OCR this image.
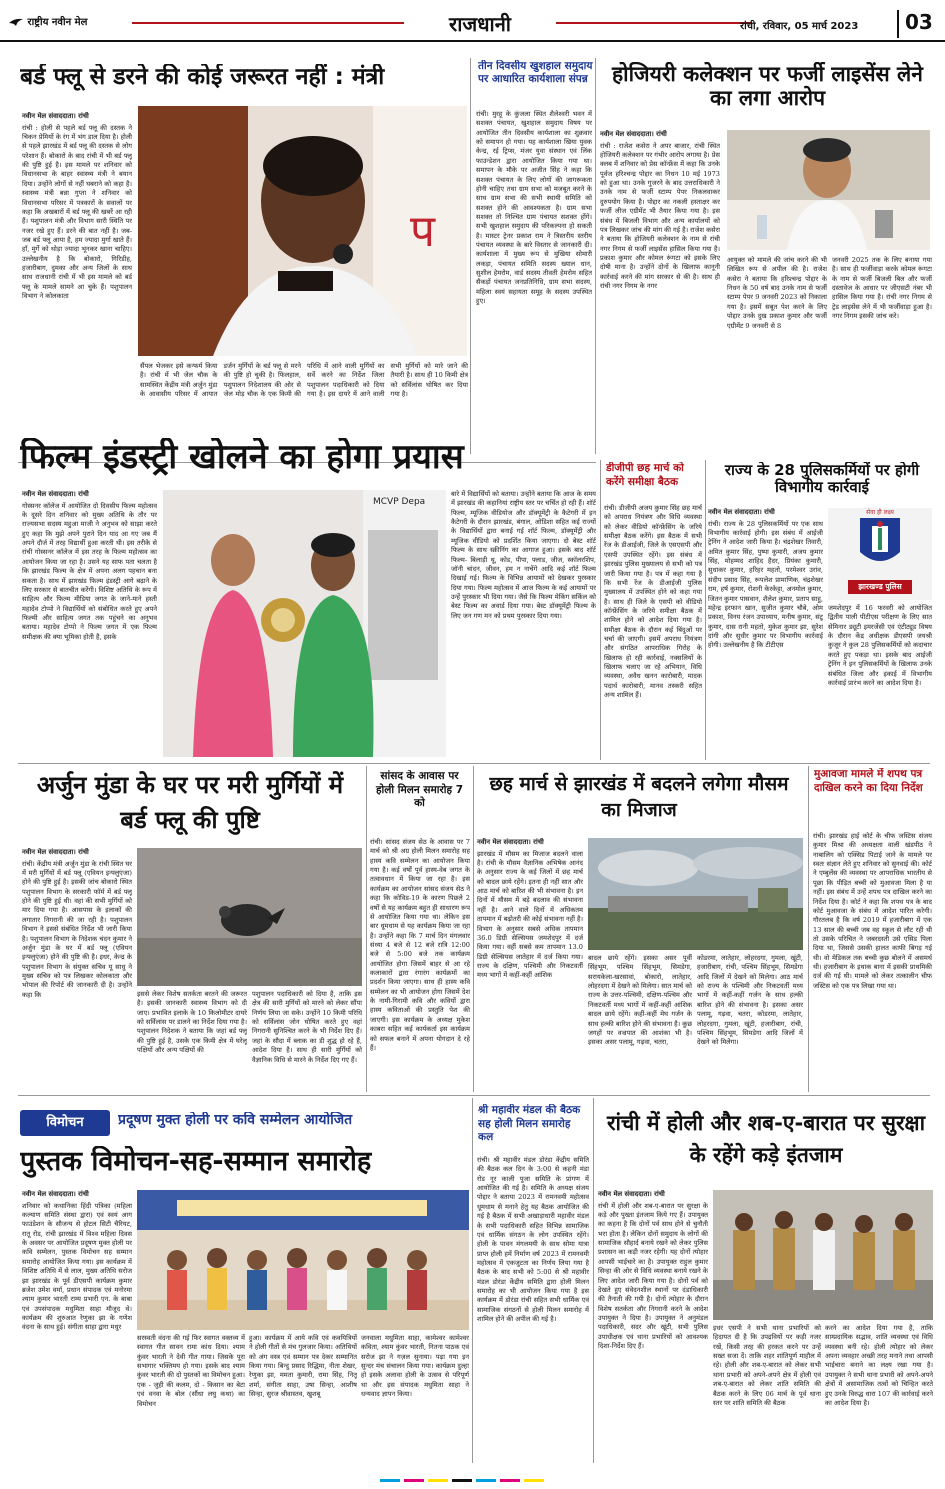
राष्ट्रीय नवीन मेल	राजधानी	रांची, रविवार, 05 मार्च 2023	03
बर्ड फ्लू से डरने की कोई जरूरत नहीं : मंत्री
नवीन मेल संवाददाता। रांची
रांची : होली से पहले बर्ड फ्लू की दस्तक ने चिकन प्रेमियों के रंग में भंग डाल दिया है। होली से पहले झारखंड में बर्ड फ्लू की दस्तक से लोग परेशान हैं। बोकारो के बाद रांची में भी बर्ड फ्लू की पुष्टि हुई है। इस मामले पर शनिवार को विधानसभा के बाहर स्वास्थ्य मंत्री ने बयान दिया। उन्होंने लोगों से नहीं घबराने को कहा है। स्वास्थ्य मंत्री बन्ना गुप्ता ने शनिवार को विधानसभा परिसर में पत्रकारों के सवालों पर कहा कि अखबारों में बर्ड फ्लू की खबरें आ रही हैं। पशुपालन मंत्री और विभाग सारी स्थिति पर नजर रखे हुए हैं। डरने की बात नहीं है। जब-जब बर्ड फ्लू आया है, हम ज्यादा मुर्गा खाते हैं। हाँ, मुर्गे को थोड़ा ज्यादा भूनकर खाना चाहिए। उल्लेखनीय है कि बोकारो, गिरिडीह, हजारीबाग, दुमका और अन्य जिलों के साथ साथ राजधानी रांची में भी इस मामले को बर्ड फ्लू के मामले सामने आ चुके हैं। पशुपालन विभाग ने कोलकाता
प
सैंपल भेजकर इसे कन्फर्म किया है। रांची में भी जेल चौक के सामस्थित केंद्रीय मंत्री अर्जुन मुंडा के आवासीय परिसर में आयात डर्जन मुर्गियों के बर्ड फ्लू से मरने की पुष्टि हो चुकी है। फिलहाल, पशुपालन निदेशालय की ओर से जेल मोड़ चौक के एक किमी की परिधि में आने वाली मुर्गियों का सर्वे करने का निर्देश जिला पशुपालन पदाधिकारी को दिया गया है। इस दायरे में आने वाली सभी मुर्गियों को मारे जाने की तैयारी है। साथ ही 10 किमी क्षेत्र को सर्विलांस घोषित कर दिया गया है।
तीन दिवसीय खुशहाल समुदाय पर आधारित कार्यशाला संपन्न
रांची। मुरहू के कुंजला स्थित शैलेश्वरी भवन में सशक्त पंचायत, खुशहाल समुदाय विषय पर आयोजित तीन दिवसीय कार्यशाला का शुक्रवार को समापन हो गया। यह कार्यशाला खिया युवक केन्द्र, रई ट्रिप्स, मंजर युवा संस्थान एवं लिंक फाउन्डेशन द्वारा आयोजित किया गया था। समापन के मौके पर अजीत सिंह ने कहा कि सशक्त पंचायत के लिए लोगों की जागरूकता होनी चाहिए तथा ग्राम सभा को मजबूत करने के साथ ग्राम सभा की सभी स्थायी समिति को सशक्त होने की आवश्यकता है। ग्राम सभा सशक्त तो निश्चित ग्राम पंचायत सशक्त होंगे। सभी खुशहाल समुदाय की परिकल्पना हो सकती है। मास्टर ट्रेनर प्रकाश राम ने त्रिस्तरीय स्तरीय पंचायत व्यवस्था के बारे विस्तार से जानकारी दी। कार्यशाला में मुख्य रूप से मुखिया सोमारी लकड़ा, पंचायत समिति सदस्य ख्याल धान, सुशील हेमरोम, वार्ड सदस्य तीवती हेमरोम सहित सैकड़ों पंचायत जनप्रतिनिधि, ग्राम सभा सदस्य, महिला स्वयं सहायता समूह के सदस्य उपस्थित हुए।
होजियरी कलेक्शन पर फर्जी लाइसेंस लेने का लगा आरोप
नवीन मेल संवाददाता। रांची
रांची : राजेश कसेरा ने अपर बाजार, रांची स्थित होजियरी कलेक्शन पर गंभीर आरोप लगाया है। प्रेस क्लब में शनिवार को प्रेस कॉन्फ्रेंस में कहा कि उनके पूर्वज हरिश्चन्द्र पोद्दार का निधन 10 मई 1973 को हुआ था। उनके गुजरने के बाद उत्तराधिकारी ने उनके नाम से फर्जी स्टाम्प पेपर निकलवाकर दुरुपयोग किया है। पोद्दार का नकली हस्ताक्षर कर फर्जी लीज एग्रीमेंट भी तैयार किया गया है। इस संबंध में बिजली विभाग और अन्य कार्यालयों को पत्र लिखकर जांच की मांग की गई है। राजेश कसेरा ने बताया कि होजियरी कलेक्शन के नाम से रांची नगर निगम से फर्जी लाइसेंस हासिल किया गया है। प्रकाश कुमार और कोमल रूंगटा को इसके लिए दोषी माना है। उन्होंने दोनों के खिलाफ कानूनी कार्रवाई करने की मांग सरकार से की है। साथ ही रांची नगर निगम के नगर
आयुक्त को मामले की जांच करने की भी लिखित रूप से अपील की है। राजेश कसेरा ने बताया कि हरिश्चन्द्र पोद्दार के निधन के 50 वर्ष बाद उनके नाम से फर्जी स्टाम्प पेपर 9 जनवरी 2023 को निकाला गया है। इसमें सबूत पेश करने के लिए पोद्दार उनके दुख प्रकाश कुमार और फर्जी एग्रीमेंट 9 जनवरी से 8
जनवरी 2025 तक के लिए बनाया गया है। साथ ही फर्जीवाड़ा करके कोमल रूंगटा के नाम से फर्जी बिजली बिल और फर्जी दस्तावेज के आधार पर जीएसटी नंबर भी हासिल किया गया है। रांची नगर निगम से ट्रेड लाइसेंस लेने में भी फर्जीवाड़ा हुआ है। नगर निगम इसकी जांच करे।
फिल्म इंडस्ट्री खोलने का होगा प्रयास
नवीन मेल संवाददाता। रांची
गोस्सनर कॉलेज में आयोजित दो दिवसीय फिल्म महोत्सव के दूसरे दिन शनिवार को मुख्य अतिथि के तौर पर राज्यसभा सदस्य महुआ माजी ने अनुभव को साझा करते हुए कहा कि मुझे अपने पुराने दिन याद आ गए जब मैं अपने दौर्ज में तरह विद्यार्थी हुआ करती थी। इस तरीके से रांची गोस्सनर कॉलेज में इस तरह के फिल्म महोत्सव का आयोजन किया जा रहा है। उसने यह साफ पता चलता है कि झारखंड फिल्म के क्षेत्र में अपना अलग पहचान बना सकता है। साथ में झारखंड फिल्म इंडस्ट्री आगे बढ़ाने के लिए सरकार से बातचीत करेंगी। विशिष्ट अतिथि के रूप में साहित्य और फिल्म मीडिया जगत के जाने-माने हस्ती महादेव टोप्पो ने विद्यार्थियों को संबोधित करते हुए अपने फिल्मी और साहित्य जगत तक पहुंचने का अनुभव बताया। महादेव टोप्पो ने फिल्म जगत में एक फिल्म समीक्षक की क्या भूमिका होती है, इसके
MCVP Depa
बारे में विद्यार्थियों को बताया। उन्होंने बताया कि आज के समय में झारखंड की कहानियां राष्ट्रीय स्तर पर चर्चित हो रही हैं। शॉर्ट फिल्म, म्यूजिक वीडियोज और डॉक्यूमेंट्री के कैटेगरी में इन कैटेगरी के दौरान झारखंड, बंगाल, ओडिशा सहित कई राज्यों के विद्यार्थियों द्वारा बनाई गई शॉर्ट फिल्म, डॉक्यूमेंट्री और म्यूजिक वीडियो को प्रदर्शित किया जाएगा। दो बेस्ट शॉर्ट फिल्म के साथ स्क्रीनिंग का आगाज हुआ। इसके बाद शॉर्ट फिल्म- बिलाड़ी थू, कोड, पीपा, फ्लाड, जीज, स्कॉलरशिप, जॉनी चांदन, जीवन, हम न नाचेंगे आदि कई शॉर्ट फिल्म दिखाई गई। फिल्म के विभिन्न आयामों को देखकर पुरस्कार दिया गया। फिल्म महोत्सव में आज फिल्म के कई आयामों पर उन्हें पुरस्कार भी दिया गया। जैसे कि फिल्म मेकिंग सर्किल को बेस्ट फिल्म का अवार्ड दिया गया। बेस्ट डॉक्यूमेंट्री फिल्म के लिए जन गण मन को प्रथम पुरस्कार दिया गया।
डीजीपी छह मार्च को करेंगे समीक्षा बैठक
रांची। डीजीपी अजय कुमार सिंह छह मार्च को अपराध नियंत्रण और विधि व्यवस्था को लेकर वीडियो कॉन्फ्रेंसिंग के जरिये समीक्षा बैठक करेंगे। इस बैठक में सभी रेंज के डीआईजी, जिले के एसएसपी और एसपी उपस्थित रहेंगे। इस संबंध में झारखंड पुलिस मुख्यालय से सभी को पत्र जारी किया गया है। पत्र में कहा गया है कि सभी रेंज के डीआईजी पुलिस मुख्यालय में उपस्थित होने को कहा गया है। साथ ही जिले के एसपी को वीडियो कॉन्फ्रेंसिंग के जरिये समीक्षा बैठक में शामिल होने को आदेश दिया गया है। समीक्षा बैठक के दौरान कई बिंदुओं पर चर्चा की जाएगी। इसमें अपराध नियंत्रण और संगठित आपराधिक गिरोह के खिलाफ हो रही कार्रवाई, नक्सलियों के खिलाफ चलाए जा रहे अभियान, विधि व्यवस्था, अवैध खनन कारोबारी, मादक पदार्थ कारोबारी, मानव तस्करी सहित अन्य शामिल हैं।
राज्य के 28 पुलिसकर्मियों पर होगी विभागीय कार्रवाई
नवीन मेल संवाददाता। रांची
रांची। राज्य के 28 पुलिसकर्मियों पर एक साथ विभागीय कार्रवाई होगी। इस संबंध में आईजी ट्रेनिंग ने आदेश जारी किया है। चंद्रशेखर तिवारी, अमित कुमार सिंह, पुष्पा कुमारी, अजय कुमार सिंह, मोहम्मद शाहिद हैदर, प्रियंका कुमारी, सुधाकर कुमार, हरिहर महतो, परमेश्वर उरांव, संदीप प्रसाद सिंह, रूपलेश प्रामाणिक, चंद्रशेखर राम, हर्ष कुमार, रोशनी केरकेट्टा, अनमोल कुमार, जितन कुमार पासवान, शैलेश कुमार, प्रताप साहु, महेन्द्र इरफान खान, सुजीत कुमार चौबे, ओम प्रकाश, विनय रंजन उपाध्याय, मनीष कुमार, संटू कुमार, दास रानी महतो, मुकेश कुमार झा, सुरेश दांगी और सुधीर कुमार पर विभागीय कार्रवाई होगी। उल्लेखनीय है कि टीटीएस
सेवा ही लक्ष्य
झारखण्ड पुलिस
जमशेदपुर में 16 फरवरी को आयोजित द्वितीय पाली पीटीएस परीक्षण के लिए सात सेमिनार ड्यूटी इमरजेंसी एवं एंटीट्यूड विषय के दौरान केंद्र अधीक्षक डीएसपी जयश्री कुजूर ने कुल 28 पुलिसकर्मियों को कदाचार करते हुए पकड़ा था। इसके बाद आईजी ट्रेनिंग ने इन पुलिसकर्मियों के खिलाफ उनके संबंधित जिला और इकाई में विभागीय कार्रवाई प्रारंभ करने का आदेश दिया है।
अर्जुन मुंडा के घर पर मरी मुर्गियों में बर्ड फ्लू की पुष्टि
नवीन मेल संवाददाता। रांची
रांची। केंद्रीय मंत्री अर्जुन मुंडा के रांची स्थित घर में मरी मुर्गियों में बर्ड फ्लू (एवियन इन्फ्लुएंजा) होने की पुष्टि हुई है। इसकी जांच बोकारो स्थित पशुपालन विभाग के सरकारी फॉर्म में बर्ड फ्लू होने की पुष्टि हुई थी। वहां की सभी मुर्गियों को मार दिया गया है। आसपास के इलाकों की लगातार निगरानी की जा रही है। पशुपालन विभाग ने इससे संबंधित निर्देश भी जारी किया है। पशुपालन विभाग के निदेशक चंदन कुमार ने अर्जुन मुंडा के घर में बर्ड फ्लू (एवियन इन्फ्लुएंजा) होने की पुष्टि की है। इधर, केन्द्र के पशुपालन विभाग के संयुक्त सचिव यू साधु ने मुख्य सचिव को पत्र लिखकर कोलकाता और भोपाल की रिपोर्ट की जानकारी दी है। उन्होंने कहा कि	इससे लेकर विशेष सतर्कता बरतने की जरूरत है। इसकी जानकारी स्वास्थ्य विभाग को दी जाए। प्रभावित इलाके के 10 किलोमीटर दायरे को सर्विलांस पर डालने का निर्देश दिया गया है। पशुपालन निदेशक ने बताया कि जहां बर्ड फ्लू की पुष्टि हुई है, उसके एक किमी क्षेत्र में घरेलू पक्षियों और अन्य पक्षियों की
पशुपालन पदाधिकारी को दिया है, ताकि इस क्षेत्र की सारी मुर्गियों को मारने को लेकर सौंपा निर्णय लिया जा सके। उन्होंने 10 किमी परिधि को सर्विलांस जोन घोषित करते हुए वहां निगरानी सुनिश्चित करने के भी निर्देश दिए हैं। जहां के सौदा में ब्लाक का डी शुद्ध हो रहे हैं, आदेश दिया है। साथ ही सारी मुर्गियों को वैज्ञानिक विधि से मारने के निर्देश दिए गए हैं।
सांसद के आवास पर होली मिलन समारोह 7 को
रांची। सांसद संजय सेठ के आवास पर 7 मार्च को श्री अग्र होली मिलन समारोह सह हास्य कवि सम्मेलन का आयोजन किया गया है। कई वर्षों पूर्व हास्य-वेब जगत के तत्वावधान में किया जा रहा है। इस कार्यक्रम का आयोजन सांसद संजय सेठ ने कहा कि कोविड-19 के कारण पिछले 2 वर्षों से यह कार्यक्रम बहुत ही साधारण रूप से आयोजित किया गया था। लेकिन इस बार धूमधाम से यह कार्यक्रम किया जा रहा है। उन्होंने कहा कि 7 मार्च दिन मंगलवार संध्या 4 बजे से 12 बजे रात्रि 12:00 बजे से 5:00 बजे तक कार्यक्रम आयोजित होगा जिसमें बाहर से आ रहे कलाकारों द्वारा रंगारंग कार्यक्रमों का प्रदर्शन किया जाएगा। साथ ही हास्य कवि सम्मेलन का भी आयोजन होगा जिसमें देश के नामी-गिरामी कवि और कवियों द्वारा हास्य कविताओं की प्रस्तुति पेश की जाएगी। इस कार्यक्रम के अध्यक्ष मुकेश काबरा सहित कई कार्यकर्ता इस कार्यक्रम को सफल बनाने में अपना योगदान दे रहे हैं।
छह मार्च से झारखंड में बदलने लगेगा मौसम का मिजाज
नवीन मेल संवाददाता। रांची
झारखंड में मौसम का मिजाज बदलने वाला है। रांची के मौसम वैज्ञानिक अभिषेक आनंद के अनुसार राज्य के कई जिलों में छह मार्च को बादल छाये रहेंगे। इतना ही नहीं सात और आठ मार्च को बारिश की भी संभावना है। इन दिनों में मौसम में बड़े बदलाव की संभावना नहीं है। आने वाले दिनों में अधिकतम तापमान में बढ़ोतरी की कोई संभावना नहीं है। विभाग के अनुसार सबसे अधिक तापमान 36.0 डिग्री सेल्सियस जमशेदपुर में दर्ज किया गया। वहीं सबसे कम तापमान 13.0 डिग्री सेल्सियस लातेहार में दर्ज किया गया। राज्य के दक्षिण, पश्चिमी और निकटवर्ती मध्य भागों में कहीं-कहीं आंशिक
बादल छाये रहेंगे। इसका असर पूर्वी सिंहभूम, पश्चिम सिंहभूम, सिमडेगा, सरायकेला-खरसावां, बोकारो, लातेहार, लोहरदगा में देखने को मिलेगा। सात मार्च को राज्य के उत्तर-पश्चिमी, दक्षिण-पश्चिम और निकटवर्ती मध्य भागों में कहीं-कहीं आंशिक बादल छाये रहेंगे। कहीं-कहीं मेघ गर्जन के साथ हल्की बारिश होने की संभावना है। कुछ जगहों पर वज्रपात की आशंका भी है। इसका असर पलामू, गढ़वा, चतरा,
कोडरमा, लातेहार, लोहरदगा, गुमला, खूंटी, हजारीबाग, रांची, पश्चिम सिंहभूम, सिमडेगा आदि जिलों में देखने को मिलेगा। आठ मार्च को राज्य के पश्चिमी और निकटवर्ती मध्य भागों में कहीं-कहीं गर्जन के साथ हल्की बारिश होने की संभावना है। इसका असर पलामू, गढ़वा, चतरा, कोडरमा, लातेहार, लोहरदगा, गुमला, खूंटी, हजारीबाग, रांची, पश्चिम सिंहभूम, सिमडेगा आदि जिलों में देखने को मिलेगा।
मुआवजा मामले में शपथ पत्र दाखिल करने का दिया निर्देश
रांची। झारखंड हाई कोर्ट के चीफ जस्टिस संजय कुमार मिश्रा की अध्यक्षता वाली खंडपीठ ने नाबालिग को एक्सिड पिटाई जाने के मामले पर स्वतः संज्ञान लेते हुए शनिवार को सुनवाई की। कोर्ट ने एम्बुलेंस की व्यवस्था पर आपराधिक भारतीय से पूछा कि पीड़ित बच्ची को मुआवजा मिला है या नहीं। इस संबंध में उन्हें शपथ पत्र दाखिल करने का निर्देश दिया है। कोर्ट ने कहा कि शपथ पत्र के बाद कोर्ट मुआवजा के संबंध में आदेश पारित करेगी। गौरतलब है कि वर्ष 2019 में हजारीबाग में एक 13 साल की बच्ची जब वह स्कूल से लौट रही थी तो उसके परिचित ने जबरदस्ती उसे एसिड पिला दिया था, जिससे उसकी हालत काफी बिगड़ गई थी। वो मेडिकल तक बच्ची कुछ बोलने में असमर्थ थी। हजारीबाग के इथाक बाना में इसकी प्राथमिकी दर्ज की गई थी। मामले को लेकर तत्कालीन चीफ जस्टिस को एक पत्र लिखा गया था।
विमोचन	प्रदूषण मुक्त होली पर कवि सम्मेलन आयोजित
पुस्तक विमोचन-सह-सम्मान समारोह
नवीन मेल संवाददाता। रांची
शनिवार को कथानिका हिंदी पत्रिका (महिला कल्याण समिति संस्था द्वारा) एवं स्वयं आग फाउंडेशन के सौजन्य से होटल सिटी चैरियट, रातू रोड, रांची झारखंड में विश्व महिला दिवस के अवसर पर आयोजित प्रदूषण मुक्त होली पर कवि सम्मेलन, पुस्तक विमोचन सह सम्मान समारोह आयोजित किया गया। इस कार्यक्रम में विशिष्ट अतिथि में से लाल, मुख्य अतिथि सरोज झा झारखंड के पूर्व डीएसपी कार्यक्रम कुमार ब्रजेश उमेश वर्मा, प्रधान संपादक एवं मनोरमा श्याम कुमार भारती राम्य प्रभारी एन. के बाबा एवं उपसंपादक मधुमिता साहा मौजूद थे। कार्यक्रम की शुरुआत रेणुका झा के गणेश वंदना के साथ हुई। संगीता साहा द्वारा मधुर
सरस्वती वंदना की गई फिर स्वागत वक्तव्य में स्वागत गीत सावन रामा कांध दिया। श्याम कुंवर भारती ने देवी गीत गाया। जिसके पूरा सभागार भक्तिमय हो गया। इसके बाद श्याम कुंवर भारती की दो पुस्तकों का विमोचन हुआ। एक - जुही की कलम, दो - किसान का बेटा एवं वनवा के बोल (सौंधा लघु कथा) का विमोचन
हुआ। कार्यक्रम में आये कवि एवं कवयित्रियों ने होली गीतों से मंच गुलजार किया। अतिथियों को अंग वस्त्र एवं सम्मान पत्र देकर सम्मानित किया गया। बिन्दु प्रसाद रिद्धिमा, नीता शेखर, रेणुका झा, ममता कुमारी, रामा सिंह, नितू शर्मा, संगीता साहा, उषा सिन्हा, आशीष सिन्हा, सुरज श्रीवास्तव, खुशबू
जनवाला मधुमिता साहा, कामेश्वर कामेश्वर कविता, श्याम कुंवर भारती, नितना पाठक एवं सरोज झा ने गज़ल सुनाया। पढ़ा गया इन सुन्दर मंच संचालन किया गया। कार्यक्रम दुल्हा हो इसके अलावा होली के उत्सव से परिपूर्ण था और इस संपादक मधुमिता साहा ने धन्यवाद ज्ञापन किया।
श्री महावीर मंडल की बैठक सह होली मिलन समारोह कल
रांची। श्री महावीर मंडल डोरंडा केंद्रीय समिति की बैठक कल दिन के 3:00 से कहनी मंडा रोड नूर काली पूजा समिति के प्रांगण में आयोजित की गई है। समिति के अध्यक्ष संजय पोद्दार ने बताया 2023 में रामनवमी महोत्सव धूमधाम से मनाने हेतु यह बैठक आयोजित की गई है बैठक में सभी अखाड़ाधारी महावीर मंडल के सभी पदाधिकारी सहित विभिन्न सामाजिक एवं धार्मिक संगठन के लोग उपस्थित रहेंगे। होली के पावन मंगलमयी के साथ सोमा यात्रा प्राप्त होली हमें निर्माण वर्ष 2023 में रामनवमी महोत्सव में एकजुटता का निर्णय लिया गया है बैठक के बाद सभी को 5:00 से श्री महावीर मंडल डोरंडा केंद्रीय समिति द्वारा होली मिलन समारोह का भी आयोजन किया गया है इस कार्यक्रम में डोरंडा रांची सहित सभी धार्मिक एवं सामाजिक संगठनों से होली मिलन समारोह में शामिल होने की अपील की गई है।
रांची में होली और शब-ए-बारात पर सुरक्षा के रहेंगे कड़े इंतजाम
नवीन मेल संवाददाता। रांची
रांची में होली और शब-ए-बारात पर सुरक्षा के कड़े और पुख्ता इंतजाम किये गए हैं। उपायुक्त का कहना है कि दोनों पर्व साथ होने से चुनौती भरा होता है। लेकिन दोनों समुदाय के लोगों की सामाजिक सौहार्द बनाये रखने को लेकर पुलिस प्रशासन का कड़ी नजर रहेगी। यह दोनों त्योहार आपसी भाईचारे का है। उपायुक्त राहुल कुमार सिन्हा की ओर से विधि व्यवस्था बनाये रखने के लिए आदेश जारी किया गया है। दोनों पर्व को देखते हुए संवेदनशील स्थानों पर दंडाधिकारी की तैनाती की गयी है। दोनों त्योहार के दौरान विशेष सतर्कता और निगरानी करने के आदेश उपायुक्त ने दिया है। उपायुक्त ने अनुमंडल पदाधिकारी, सदर और खूंटी, सभी पुलिस उपाधीक्षक एवं थाना प्रभारियों को आवश्यक दिशा-निर्देश दिए हैं।
इधर एसपी ने सभी थाना प्रभारियों को हिदायत दी है कि उपद्रवियों पर कड़ी नजर रखें, किसी तरह की हरकत करने पर उन्हें सख्त सजा दें। ताकि शहर शांतिपूर्ण माहौल में रहे। होली और शब-ए-बारात को लेकर सभी थाना प्रभारी को अपने-अपने क्षेत्र में होली एवं शब-ए-बारात को लेकर शांति समिति की बैठक करने के लिए 06 मार्च के पूर्व थाना स्तर पर शांति समिति की बैठक
करने का आदेश दिया गया है, ताकि साम्प्रदायिक सद्भाव, शांति व्यवस्था एवं विधि व्यवस्था बनी रहे। होली त्योहार को लेकर अपना व्यवहार अच्छी तरह मनाने तथा आपसी भाईचारा बनाने का लक्ष्य रखा गया है। उपायुक्त ने सभी थाना प्रभारी को अपने-अपने क्षेत्रों में असामाजिक तत्वों को चिन्हित करते हुए उनके विरुद्ध धारा 107 की कार्रवाई करने का आदेश दिया है।
